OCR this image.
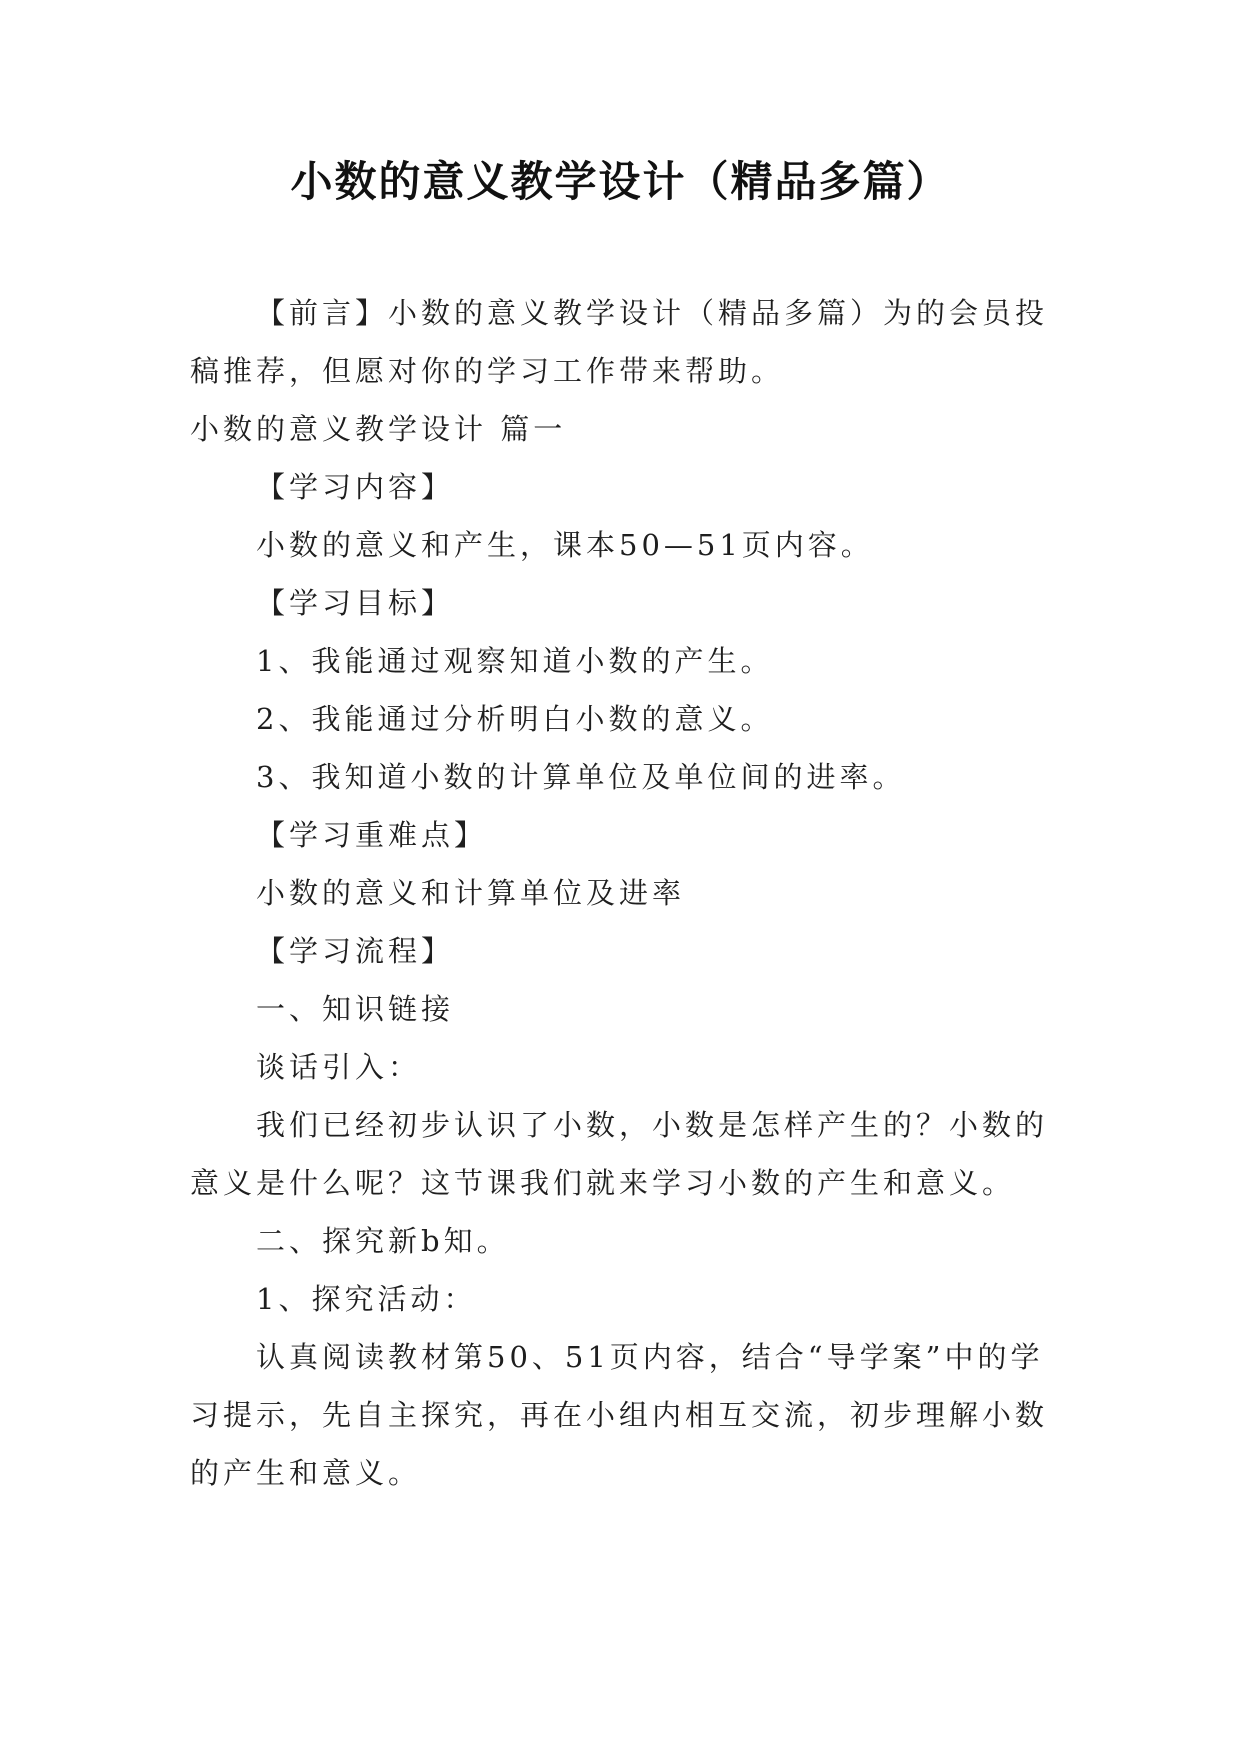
小数的意义教学设计（精品多篇）

【前言】小数的意义教学设计（精品多篇）为的会员投稿推荐，但愿对你的学习工作带来帮助。

小数的意义教学设计 篇一

【学习内容】

小数的意义和产生，课本50—51页内容。

【学习目标】

1、我能通过观察知道小数的产生。

2、我能通过分析明白小数的意义。

3、我知道小数的计算单位及单位间的进率。

【学习重难点】

小数的意义和计算单位及进率

【学习流程】

一、知识链接

谈话引入：

我们已经初步认识了小数，小数是怎样产生的？小数的意义是什么呢？这节课我们就来学习小数的产生和意义。

二、探究新b知。

1、探究活动：

认真阅读教材第50、51页内容，结合“导学案”中的学习提示，先自主探究，再在小组内相互交流，初步理解小数的产生和意义。
